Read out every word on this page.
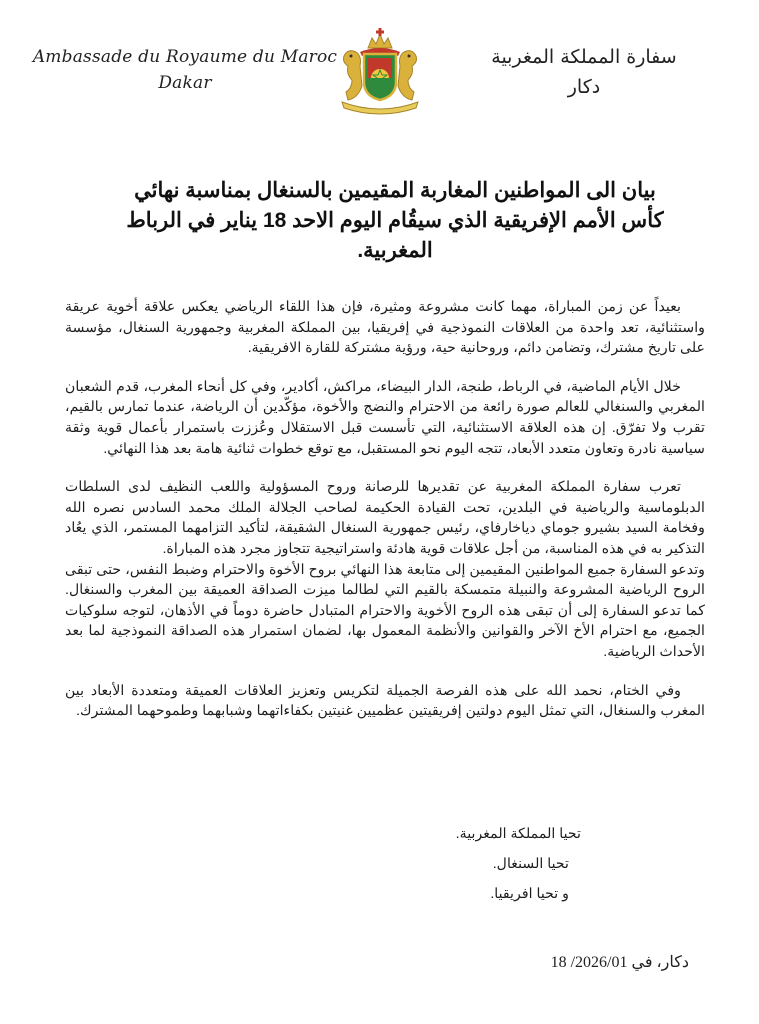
Ambassade du Royaume du Maroc
Dakar
سفارة المملكة المغربية
دكار
بيان الى المواطنين المغاربة المقيمين بالسنغال بمناسبة نهائي
كأس الأمم الإفريقية الذي سيقُام اليوم الاحد 18 يناير في الرباط
المغربية.

بعيداً عن زمن المباراة، مهما كانت مشروعة ومثيرة، فإن هذا اللقاء الرياضي يعكس علاقة أخوية عريقة واستثنائية، تعد واحدة من العلاقات النموذجية في إفريقيا، بين المملكة المغربية وجمهورية السنغال، مؤسسة على تاريخ مشترك، وتضامن دائم، وروحانية حية، ورؤية مشتركة للقارة الافريقية.

خلال الأيام الماضية، في الرباط، طنجة، الدار البيضاء، مراكش، أكادير، وفي كل أنحاء المغرب، قدم الشعبان المغربي والسنغالي للعالم صورة رائعة من الاحترام والنضج والأخوة، مؤكّدين أن الرياضة، عندما تمارس بالقيم، تقرب ولا تفرّق. إن هذه العلاقة الاستثنائية، التي تأسست قبل الاستقلال وعُززت باستمرار بأعمال قوية وثقة سياسية نادرة وتعاون متعدد الأبعاد، تتجه اليوم نحو المستقبل، مع توقع خطوات ثنائية هامة بعد هذا النهائي.

تعرب سفارة المملكة المغربية عن تقديرها للرصانة وروح المسؤولية واللعب النظيف لدى السلطات الدبلوماسية والرياضية في البلدين، تحت القيادة الحكيمة لصاحب الجلالة الملك محمد السادس نصره الله وفخامة السيد بشيرو جوماي دياخارفاي، رئيس جمهورية السنغال الشقيقة، لتأكيد التزامهما المستمر، الذي يعُاد التذكير به في هذه المناسبة، من أجل علاقات قوية هادئة واستراتيجية تتجاوز مجرد هذه المباراة.

وتدعو السفارة جميع المواطنين المقيمين إلى متابعة هذا النهائي بروح الأخوة والاحترام وضبط النفس، حتى تبقى الروح الرياضية المشروعة والنبيلة متمسكة بالقيم التي لطالما ميزت الصداقة العميقة بين المغرب والسنغال. كما تدعو السفارة إلى أن تبقى هذه الروح الأخوية والاحترام المتبادل حاضرة دوماً في الأذهان، لتوجه سلوكيات الجميع، مع احترام الأخ الآخر والقوانين والأنظمة المعمول بها، لضمان استمرار هذه الصداقة النموذجية لما بعد الأحداث الرياضية.

وفي الختام، نحمد الله على هذه الفرصة الجميلة لتكريس وتعزيز العلاقات العميقة ومتعددة الأبعاد بين المغرب والسنغال، التي تمثل اليوم دولتين إفريقيتين عظميين غنيتين بكفاءاتهما وشبابهما وطموحهما المشترك.

تحيا المملكة المغربية.
تحيا السنغال.
و تحيا افريقيا.
دكار، في 2026/01/ 18
